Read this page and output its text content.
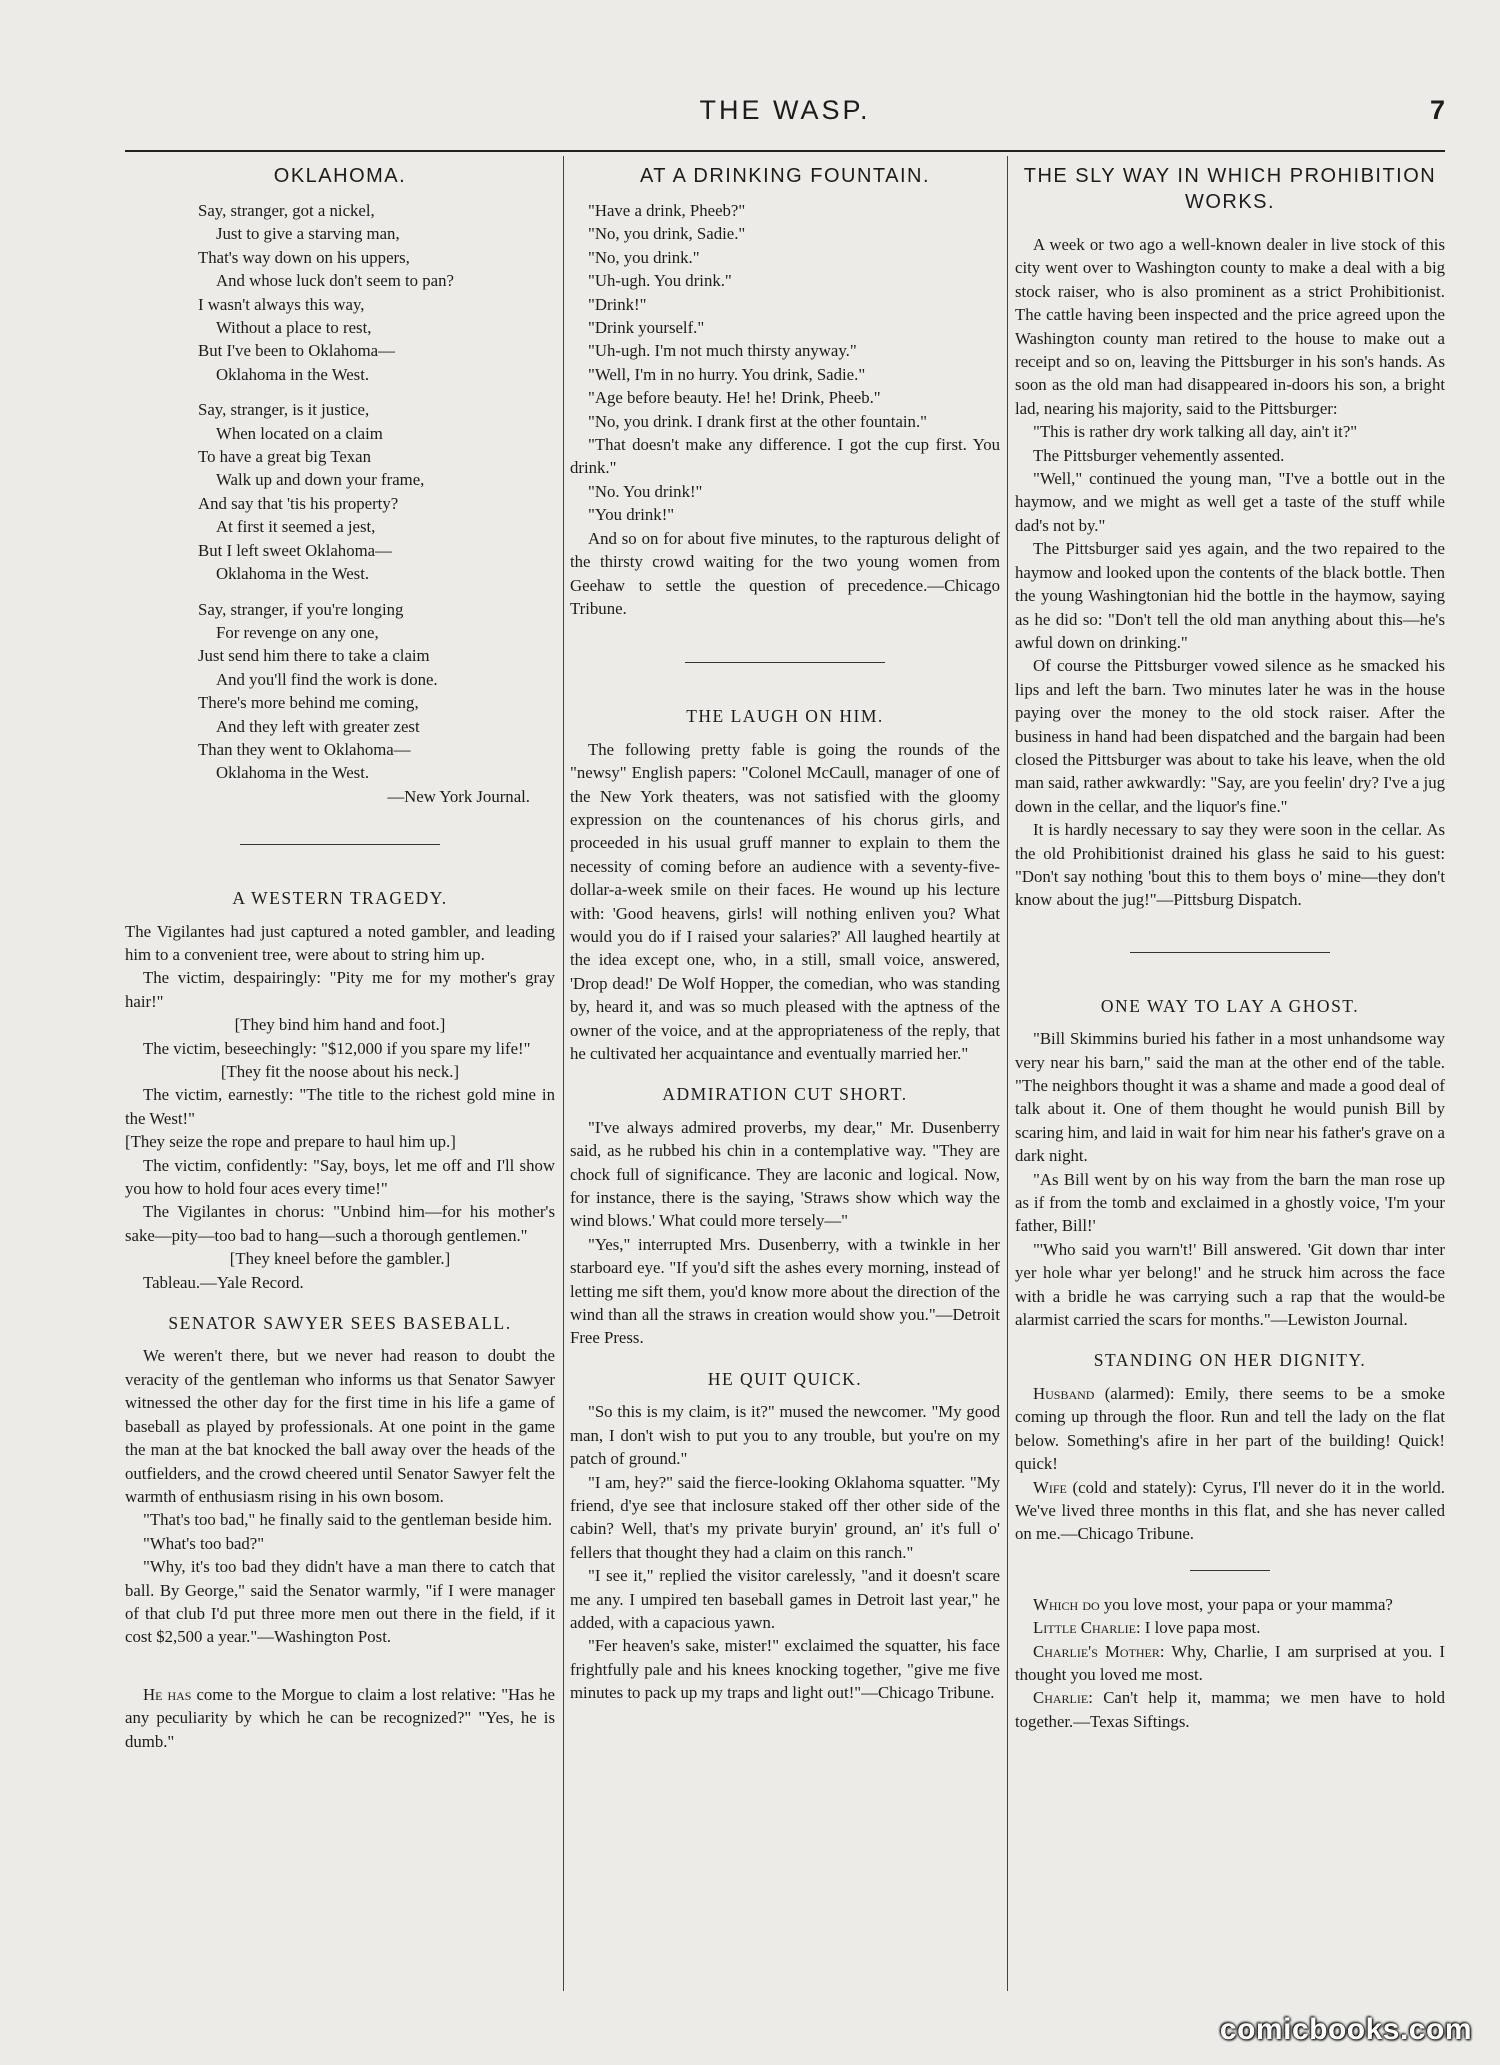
THE WASP.	7
OKLAHOMA.
Say, stranger, got a nickel,
Just to give a starving man,
That's way down on his uppers,
And whose luck don't seem to pan?
I wasn't always this way,
Without a place to rest,
But I've been to Oklahoma—
Oklahoma in the West.
Say, stranger, is it justice,
When located on a claim
To have a great big Texan
Walk up and down your frame,
And say that 'tis his property?
At first it seemed a jest,
But I left sweet Oklahoma—
Oklahoma in the West.
Say, stranger, if you're longing
For revenge on any one,
Just send him there to take a claim
And you'll find the work is done.
There's more behind me coming,
And they left with greater zest
Than they went to Oklahoma—
Oklahoma in the West.
—New York Journal.
A WESTERN TRAGEDY.

The Vigilantes had just captured a noted gambler, and leading him to a convenient tree, were about to string him up.

The victim, despairingly: "Pity me for my mother's gray hair!"

[They bind him hand and foot.]

The victim, beseechingly: "$12,000 if you spare my life!"

[They fit the noose about his neck.]

The victim, earnestly: "The title to the richest gold mine in the West!"

[They seize the rope and prepare to haul him up.]

The victim, confidently: "Say, boys, let me off and I'll show you how to hold four aces every time!"

The Vigilantes in chorus: "Unbind him—for his mother's sake—pity—too bad to hang—such a thorough gentlemen."

[They kneel before the gambler.]

Tableau.—Yale Record.

SENATOR SAWYER SEES BASEBALL.

We weren't there, but we never had reason to doubt the veracity of the gentleman who informs us that Senator Sawyer witnessed the other day for the first time in his life a game of baseball as played by professionals. At one point in the game the man at the bat knocked the ball away over the heads of the outfielders, and the crowd cheered until Senator Sawyer felt the warmth of enthusiasm rising in his own bosom.

"That's too bad," he finally said to the gentleman beside him.

"What's too bad?"

"Why, it's too bad they didn't have a man there to catch that ball. By George," said the Senator warmly, "if I were manager of that club I'd put three more men out there in the field, if it cost $2,500 a year."—Washington Post.

He has come to the Morgue to claim a lost relative: "Has he any peculiarity by which he can be recognized?" "Yes, he is dumb."

AT A DRINKING FOUNTAIN.

"Have a drink, Pheeb?"

"No, you drink, Sadie."

"No, you drink."

"Uh-ugh. You drink."

"Drink!"

"Drink yourself."

"Uh-ugh. I'm not much thirsty anyway."

"Well, I'm in no hurry. You drink, Sadie."

"Age before beauty. He! he! Drink, Pheeb."

"No, you drink. I drank first at the other fountain."

"That doesn't make any difference. I got the cup first. You drink."

"No. You drink!"

"You drink!"

And so on for about five minutes, to the rapturous delight of the thirsty crowd waiting for the two young women from Geehaw to settle the question of precedence.—Chicago Tribune.

THE LAUGH ON HIM.

The following pretty fable is going the rounds of the "newsy" English papers: "Colonel McCaull, manager of one of the New York theaters, was not satisfied with the gloomy expression on the countenances of his chorus girls, and proceeded in his usual gruff manner to explain to them the necessity of coming before an audience with a seventy-five-dollar-a-week smile on their faces. He wound up his lecture with: 'Good heavens, girls! will nothing enliven you? What would you do if I raised your salaries?' All laughed heartily at the idea except one, who, in a still, small voice, answered, 'Drop dead!' De Wolf Hopper, the comedian, who was standing by, heard it, and was so much pleased with the aptness of the owner of the voice, and at the appropriateness of the reply, that he cultivated her acquaintance and eventually married her."

ADMIRATION CUT SHORT.

"I've always admired proverbs, my dear," Mr. Dusenberry said, as he rubbed his chin in a contemplative way. "They are chock full of significance. They are laconic and logical. Now, for instance, there is the saying, 'Straws show which way the wind blows.' What could more tersely—"

"Yes," interrupted Mrs. Dusenberry, with a twinkle in her starboard eye. "If you'd sift the ashes every morning, instead of letting me sift them, you'd know more about the direction of the wind than all the straws in creation would show you."—Detroit Free Press.

HE QUIT QUICK.

"So this is my claim, is it?" mused the newcomer. "My good man, I don't wish to put you to any trouble, but you're on my patch of ground."

"I am, hey?" said the fierce-looking Oklahoma squatter. "My friend, d'ye see that inclosure staked off ther other side of the cabin? Well, that's my private buryin' ground, an' it's full o' fellers that thought they had a claim on this ranch."

"I see it," replied the visitor carelessly, "and it doesn't scare me any. I umpired ten baseball games in Detroit last year," he added, with a capacious yawn.

"Fer heaven's sake, mister!" exclaimed the squatter, his face frightfully pale and his knees knocking together, "give me five minutes to pack up my traps and light out!"—Chicago Tribune.

THE SLY WAY IN WHICH PROHIBITION WORKS.

A week or two ago a well-known dealer in live stock of this city went over to Washington county to make a deal with a big stock raiser, who is also prominent as a strict Prohibitionist. The cattle having been inspected and the price agreed upon the Washington county man retired to the house to make out a receipt and so on, leaving the Pittsburger in his son's hands. As soon as the old man had disappeared in-doors his son, a bright lad, nearing his majority, said to the Pittsburger:

"This is rather dry work talking all day, ain't it?"

The Pittsburger vehemently assented.

"Well," continued the young man, "I've a bottle out in the haymow, and we might as well get a taste of the stuff while dad's not by."

The Pittsburger said yes again, and the two repaired to the haymow and looked upon the contents of the black bottle. Then the young Washingtonian hid the bottle in the haymow, saying as he did so: "Don't tell the old man anything about this—he's awful down on drinking."

Of course the Pittsburger vowed silence as he smacked his lips and left the barn. Two minutes later he was in the house paying over the money to the old stock raiser. After the business in hand had been dispatched and the bargain had been closed the Pittsburger was about to take his leave, when the old man said, rather awkwardly: "Say, are you feelin' dry? I've a jug down in the cellar, and the liquor's fine."

It is hardly necessary to say they were soon in the cellar. As the old Prohibitionist drained his glass he said to his guest: "Don't say nothing 'bout this to them boys o' mine—they don't know about the jug!"—Pittsburg Dispatch.

ONE WAY TO LAY A GHOST.

"Bill Skimmins buried his father in a most unhandsome way very near his barn," said the man at the other end of the table. "The neighbors thought it was a shame and made a good deal of talk about it. One of them thought he would punish Bill by scaring him, and laid in wait for him near his father's grave on a dark night.

"As Bill went by on his way from the barn the man rose up as if from the tomb and exclaimed in a ghostly voice, 'I'm your father, Bill!'

"'Who said you warn't!' Bill answered. 'Git down thar inter yer hole whar yer belong!' and he struck him across the face with a bridle he was carrying such a rap that the would-be alarmist carried the scars for months."—Lewiston Journal.

STANDING ON HER DIGNITY.

Husband (alarmed): Emily, there seems to be a smoke coming up through the floor. Run and tell the lady on the flat below. Something's afire in her part of the building! Quick! quick!

Wife (cold and stately): Cyrus, I'll never do it in the world. We've lived three months in this flat, and she has never called on me.—Chicago Tribune.

Which do you love most, your papa or your mamma?

Little Charlie: I love papa most.

Charlie's Mother: Why, Charlie, I am surprised at you. I thought you loved me most.

Charlie: Can't help it, mamma; we men have to hold together.—Texas Siftings.

comicbooks.com
